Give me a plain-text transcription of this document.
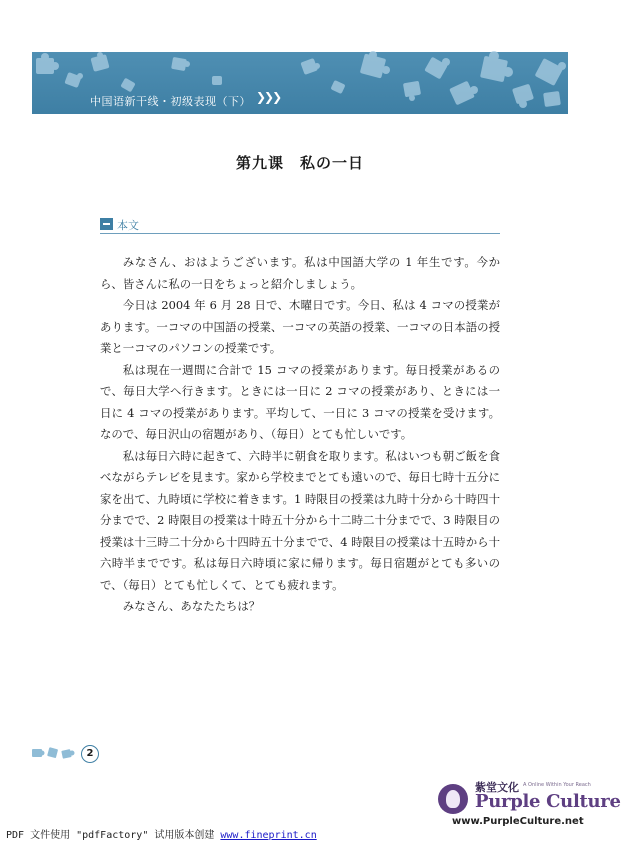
中国语新干线・初级表现（下） ❯❯❯
第九课　私の一日
本文

みなさん、おはようございます。私は中国語大学の 1 年生です。今から、皆さんに私の一日をちょっと紹介しましょう。

今日は 2004 年 6 月 28 日で、木曜日です。今日、私は 4 コマの授業があります。一コマの中国語の授業、一コマの英語の授業、一コマの日本語の授業と一コマのパソコンの授業です。

私は現在一週間に合計で 15 コマの授業があります。毎日授業があるので、毎日大学へ行きます。ときには一日に 2 コマの授業があり、ときには一日に 4 コマの授業があります。平均して、一日に 3 コマの授業を受けます。なので、毎日沢山の宿題があり、（毎日）とても忙しいです。

私は毎日六時に起きて、六時半に朝食を取ります。私はいつも朝ご飯を食べながらテレビを見ます。家から学校までとても遠いので、毎日七時十五分に家を出て、九時頃に学校に着きます。1 時限目の授業は九時十分から十時四十分までで、2 時限目の授業は十時五十分から十二時二十分までで、3 時限目の授業は十三時二十分から十四時五十分までで、4 時限目の授業は十五時から十六時半までです。私は毎日六時頃に家に帰ります。毎日宿題がとても多いので、（毎日）とても忙しくて、とても疲れます。

みなさん、あなたたちは？

2
紫堂文化 A Online Within Your Reach
Purple Culture
www.PurpleCulture.net
PDF 文件使用 "pdfFactory" 试用版本创建 www.fineprint.cn
